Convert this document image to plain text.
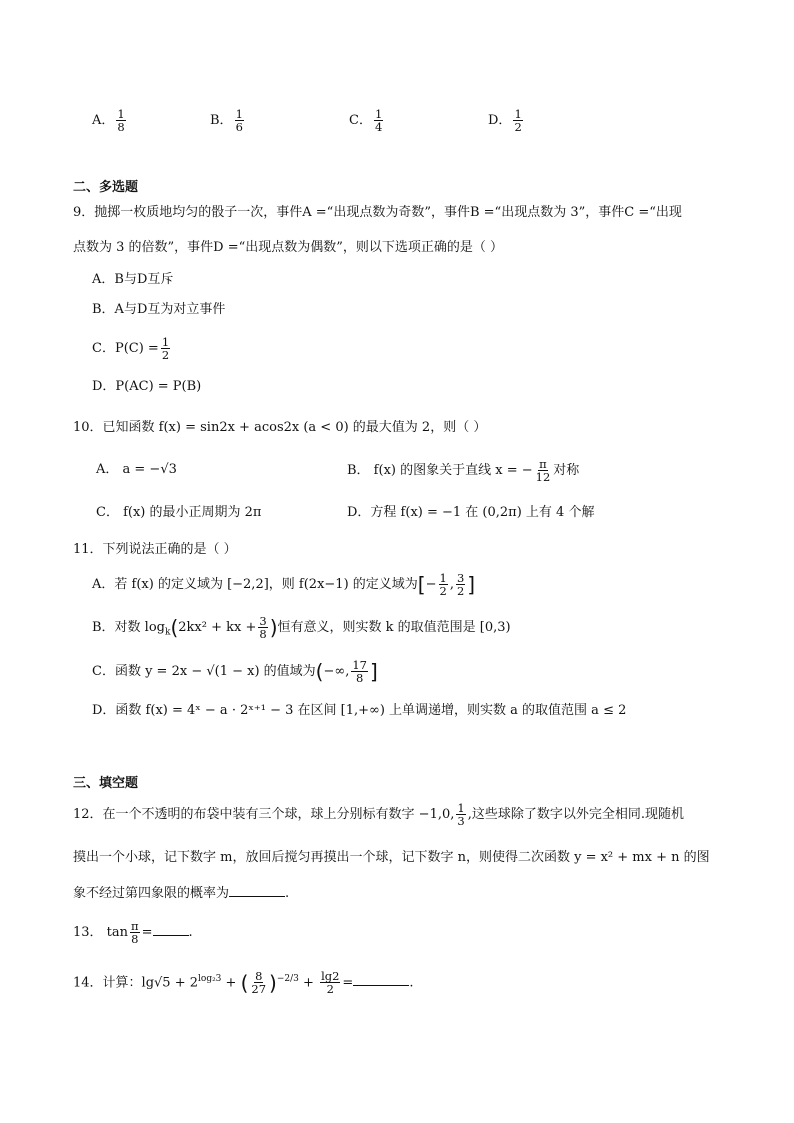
A． $\frac{1}{8}$	B． $\frac{1}{6}$	C． $\frac{1}{4}$	D． $\frac{1}{2}$
二、多选题
9．抛掷一枚质地均匀的骰子一次，事件A =“出现点数为奇数”，事件B =“出现点数为 3”，事件C =“出现
点数为 3 的倍数”，事件D =“出现点数为偶数”，则以下选项正确的是（ ）
A．B与D互斥
B．A与D互为对立事件
C．$P(C) = \frac{1}{2}$
D．P(AC) = P(B)
10．已知函数 f(x) = sin2x + acos2x (a < 0) 的最大值为 2，则（ ）
A． a = −√3	B． f(x) 的图象关于直线 x = − $\frac{\pi}{12}$ 对称
C． f(x) 的最小正周期为 2π	D．方程 f(x) = −1 在 (0,2π) 上有 4 个解
11．下列说法正确的是（ ）
A．若 f(x) 的定义域为 [−2,2]，则 f(2x−1) 的定义域为[− $\frac{1}{2}$ , $\frac{3}{2}$ ]
B．对数 $\log_k(2kx^2$ + kx + $\frac{3}{8}$ )恒有意义，则实数 k 的取值范围是 [0,3)
C．函数 y = 2x − √(1 − x) 的值域为(−∞, $\frac{17}{8}$ ]
D．函数 f(x) = 4ˣ − a · 2ˣ⁺¹ − 3 在区间 [1,+∞) 上单调递增，则实数 a 的取值范围 a ≤ 2
三、填空题
12．在一个不透明的布袋中装有三个球，球上分别标有数字 −1,0, $\frac{1}{3}$ ,这些球除了数字以外完全相同.现随机
摸出一个小球，记下数字 m，放回后搅匀再摸出一个球，记下数字 n，则使得二次函数 y = x² + mx + n 的图
象不经过第四象限的概率为	.
13． $\tan \frac{\pi}{8}$ =	.
14．计算：$\lg√5 + 2^{log_23}$ + ( $\frac{8}{27} )^{-2/3} + \frac{\lg 2}{2}$ =	.
